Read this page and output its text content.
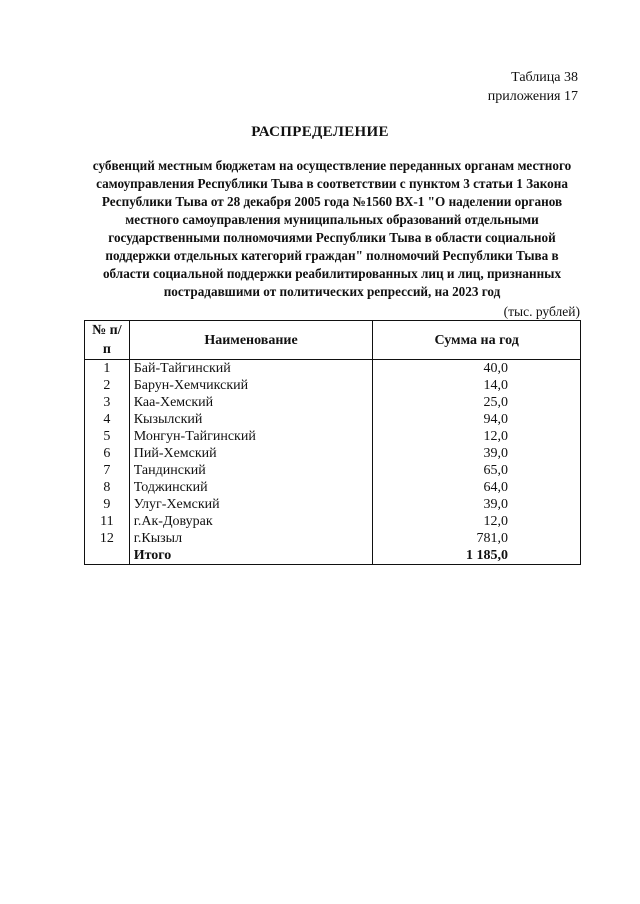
Таблица 38
приложения 17
РАСПРЕДЕЛЕНИЕ
субвенций местным бюджетам на осуществление переданных органам местного самоуправления Республики Тыва в соответствии с пунктом 3 статьи 1 Закона Республики Тыва от 28 декабря 2005 года №1560 ВХ-1 "О наделении органов местного самоуправления муниципальных образований отдельными государственными полномочиями Республики Тыва в области социальной поддержки отдельных категорий граждан" полномочий Республики Тыва в области социальной поддержки реабилитированных лиц и лиц, признанных пострадавшими от политических репрессий, на 2023 год
(тыс. рублей)
№ п/п	Наименование	Сумма на год
1	Бай-Тайгинский	40,0
2	Барун-Хемчикский	14,0
3	Каа-Хемский	25,0
4	Кызылский	94,0
5	Монгун-Тайгинский	12,0
6	Пий-Хемский	39,0
7	Тандинский	65,0
8	Тоджинский	64,0
9	Улуг-Хемский	39,0
11	г.Ак-Довурак	12,0
12	г.Кызыл	781,0
	Итого	1 185,0
